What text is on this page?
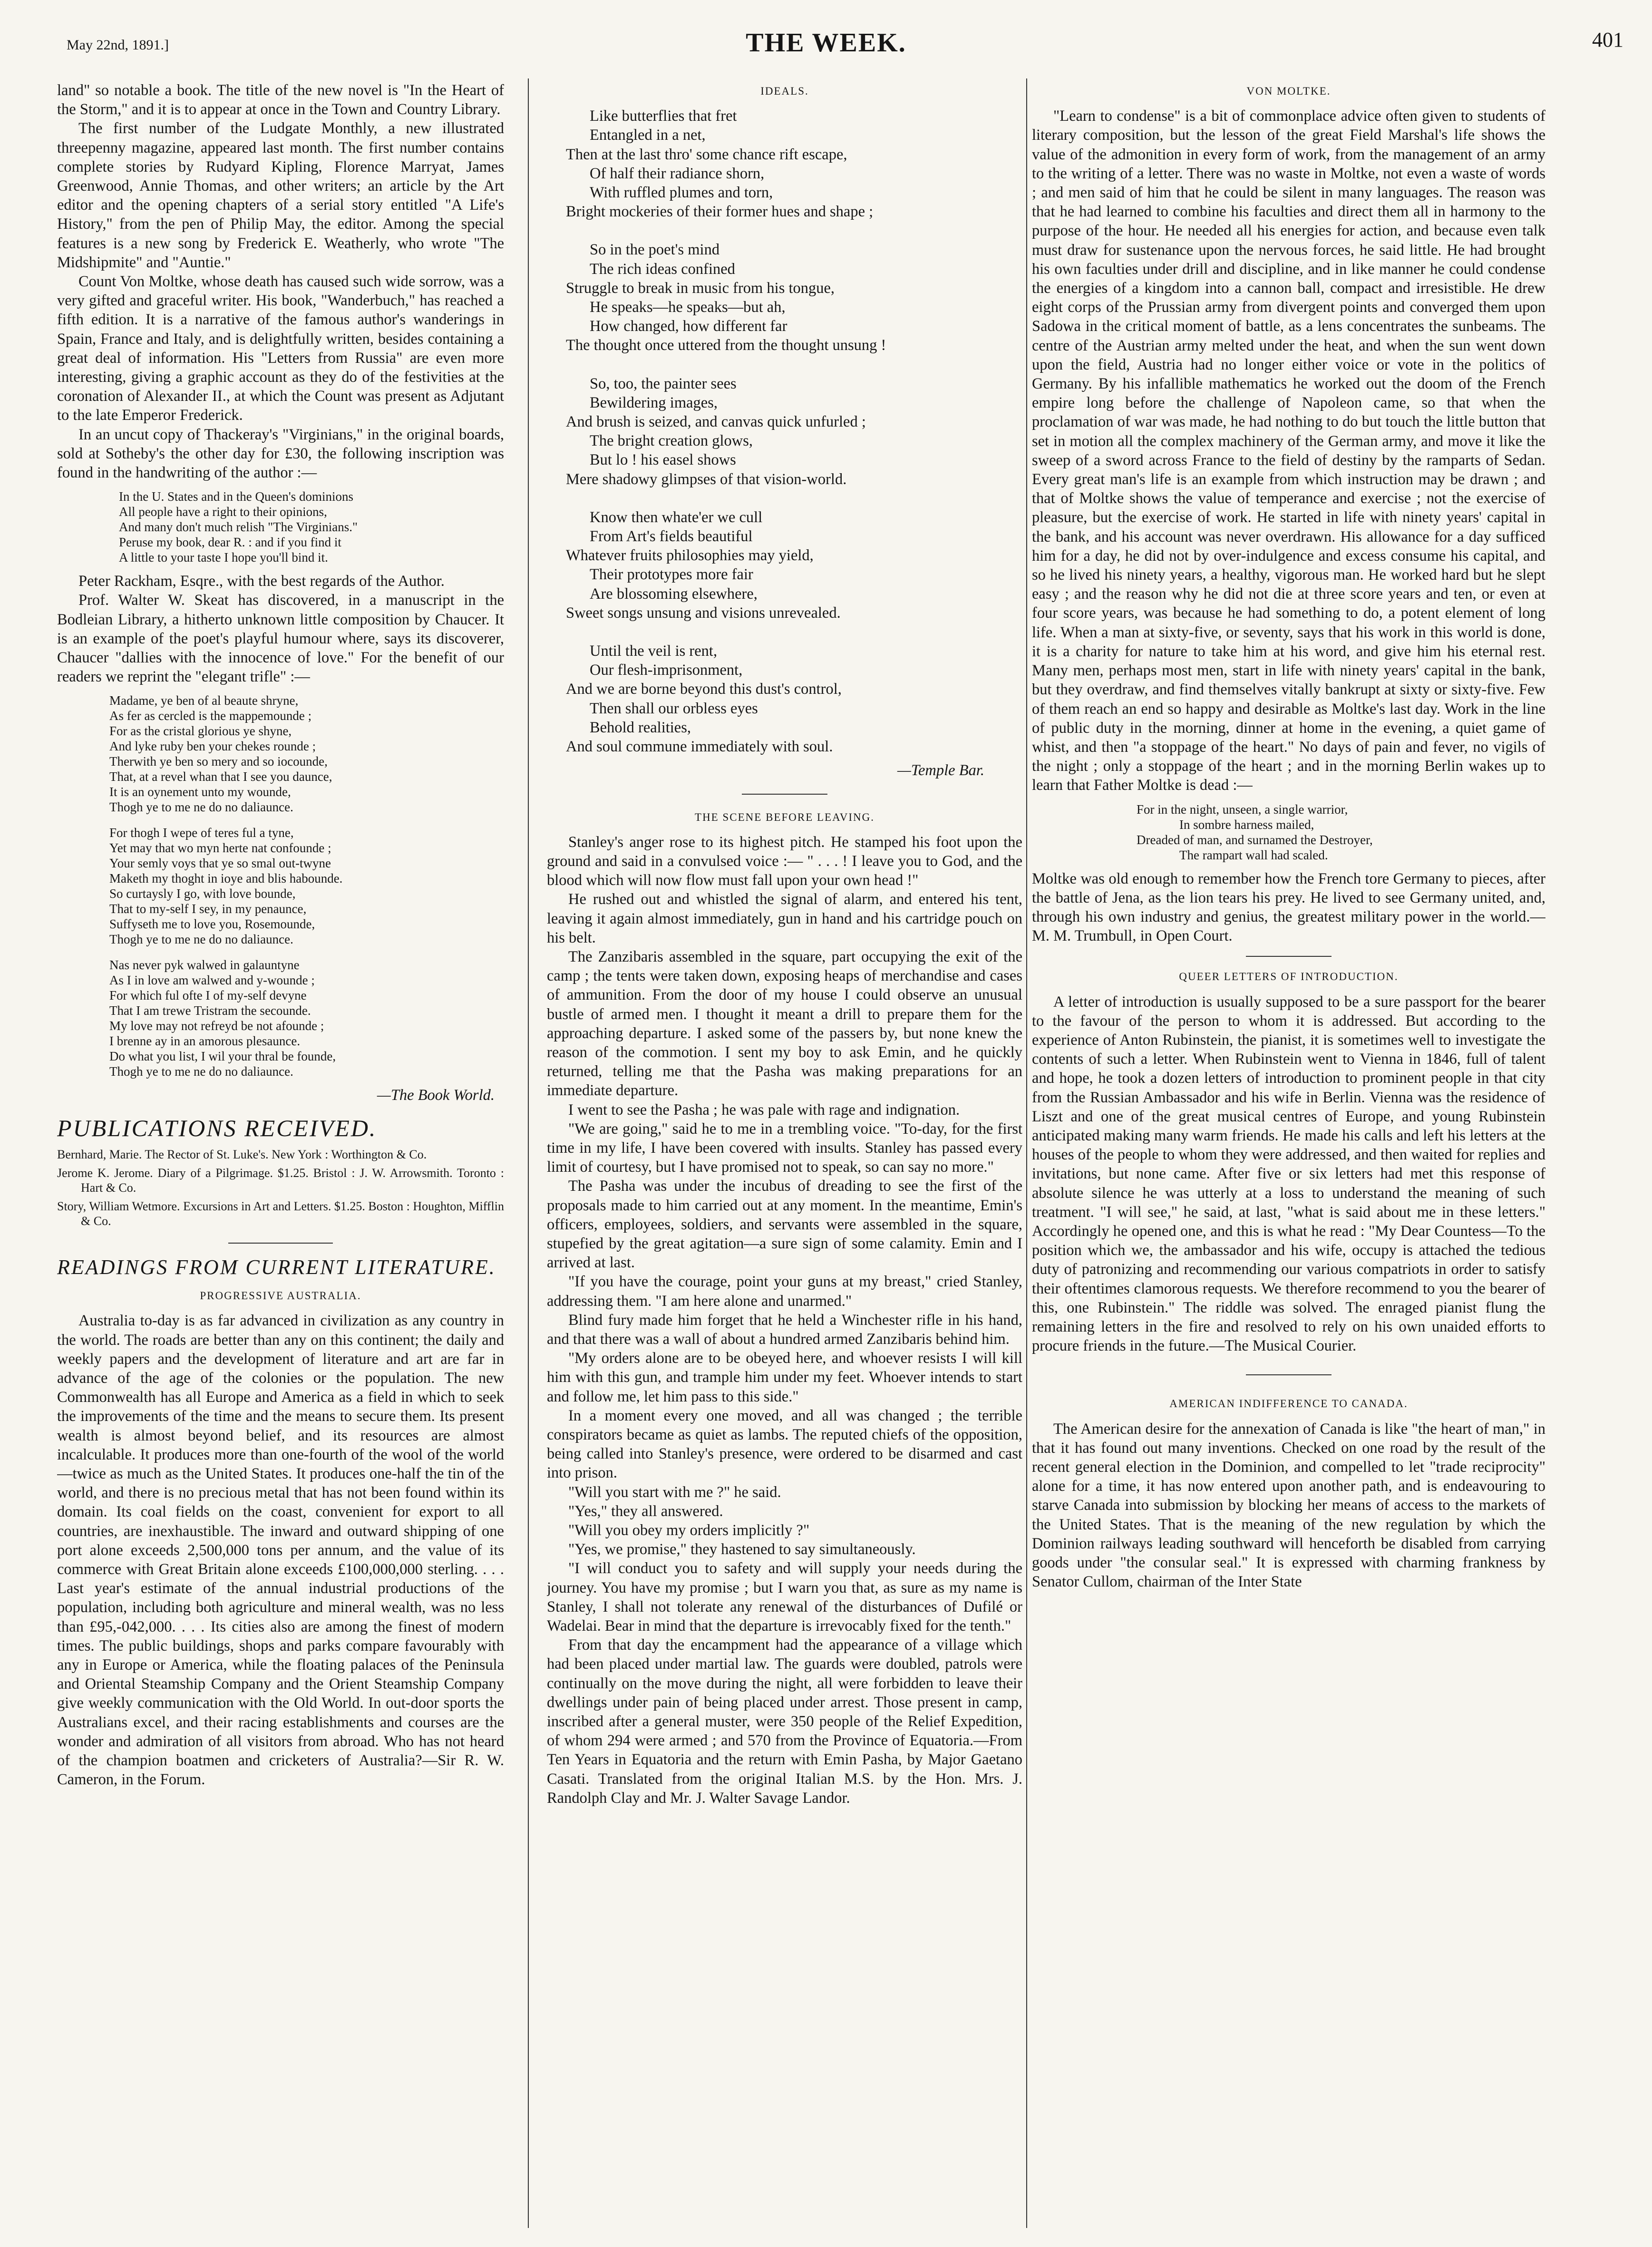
May 22nd, 1891.]	THE WEEK.	401

land" so notable a book. The title of the new novel is "In the Heart of the Storm," and it is to appear at once in the Town and Country Library.

The first number of the Ludgate Monthly, a new illustrated threepenny magazine, appeared last month. The first number contains complete stories by Rudyard Kipling, Florence Marryat, James Greenwood, Annie Thomas, and other writers; an article by the Art editor and the opening chapters of a serial story entitled "A Life's History," from the pen of Philip May, the editor. Among the special features is a new song by Frederick E. Weatherly, who wrote "The Midshipmite" and "Auntie."

Count Von Moltke, whose death has caused such wide sorrow, was a very gifted and graceful writer. His book, "Wanderbuch," has reached a fifth edition. It is a narrative of the famous author's wanderings in Spain, France and Italy, and is delightfully written, besides containing a great deal of information. His "Letters from Russia" are even more interesting, giving a graphic account as they do of the festivities at the coronation of Alexander II., at which the Count was present as Adjutant to the late Emperor Frederick.

In an uncut copy of Thackeray's "Virginians," in the original boards, sold at Sotheby's the other day for £30, the following inscription was found in the handwriting of the author :—

In the U. States and in the Queen's dominions
All people have a right to their opinions,
And many don't much relish "The Virginians."
Peruse my book, dear R. : and if you find it
A little to your taste I hope you'll bind it.

Peter Rackham, Esqre., with the best regards of the Author.

Prof. Walter W. Skeat has discovered, in a manuscript in the Bodleian Library, a hitherto unknown little composition by Chaucer. It is an example of the poet's playful humour where, says its discoverer, Chaucer "dallies with the innocence of love." For the benefit of our readers we reprint the "elegant trifle" :—

Madame, ye ben of al beaute shryne,
As fer as cercled is the mappemounde ;
For as the cristal glorious ye shyne,
And lyke ruby ben your chekes rounde ;
Therwith ye ben so mery and so iocounde,
That, at a revel whan that I see you daunce,
It is an oynement unto my wounde,
Thogh ye to me ne do no daliaunce.
For thogh I wepe of teres ful a tyne,
Yet may that wo myn herte nat confounde ;
Your semly voys that ye so smal out-twyne
Maketh my thoght in ioye and blis habounde.
So curtaysly I go, with love bounde,
That to my-self I sey, in my penaunce,
Suffyseth me to love you, Rosemounde,
Thogh ye to me ne do no daliaunce.
Nas never pyk walwed in galauntyne
As I in love am walwed and y-wounde ;
For which ful ofte I of my-self devyne
That I am trewe Tristram the secounde.
My love may not refreyd be not afounde ;
I brenne ay in an amorous plesaunce.
Do what you list, I wil your thral be founde,
Thogh ye to me ne do no daliaunce.
—The Book World.
PUBLICATIONS RECEIVED.
Bernhard, Marie. The Rector of St. Luke's. New York : Worthington & Co.
Jerome K. Jerome. Diary of a Pilgrimage. $1.25. Bristol : J. W. Arrowsmith. Toronto : Hart & Co.
Story, William Wetmore. Excursions in Art and Letters. $1.25. Boston : Houghton, Mifflin & Co.
READINGS FROM CURRENT LITERATURE.
PROGRESSIVE AUSTRALIA.

Australia to-day is as far advanced in civilization as any country in the world. The roads are better than any on this continent; the daily and weekly papers and the development of literature and art are far in advance of the age of the colonies or the population. The new Commonwealth has all Europe and America as a field in which to seek the improvements of the time and the means to secure them. Its present wealth is almost beyond belief, and its resources are almost incalculable. It produces more than one-fourth of the wool of the world—twice as much as the United States. It produces one-half the tin of the world, and there is no precious metal that has not been found within its domain. Its coal fields on the coast, convenient for export to all countries, are inexhaustible. The inward and outward shipping of one port alone exceeds 2,500,000 tons per annum, and the value of its commerce with Great Britain alone exceeds £100,000,000 sterling. . . . Last year's estimate of the annual industrial productions of the population, including both agriculture and mineral wealth, was no less than £95,-042,000. . . . Its cities also are among the finest of modern times. The public buildings, shops and parks compare favourably with any in Europe or America, while the floating palaces of the Peninsula and Oriental Steamship Company and the Orient Steamship Company give weekly communication with the Old World. In out-door sports the Australians excel, and their racing establishments and courses are the wonder and admiration of all visitors from abroad. Who has not heard of the champion boatmen and cricketers of Australia?—Sir R. W. Cameron, in the Forum.

IDEALS.
Like butterflies that fret
Entangled in a net,
Then at the last thro' some chance rift escape,
Of half their radiance shorn,
With ruffled plumes and torn,
Bright mockeries of their former hues and shape ;
So in the poet's mind
The rich ideas confined
Struggle to break in music from his tongue,
He speaks—he speaks—but ah,
How changed, how different far
The thought once uttered from the thought unsung !
So, too, the painter sees
Bewildering images,
And brush is seized, and canvas quick unfurled ;
The bright creation glows,
But lo ! his easel shows
Mere shadowy glimpses of that vision-world.
Know then whate'er we cull
From Art's fields beautiful
Whatever fruits philosophies may yield,
Their prototypes more fair
Are blossoming elsewhere,
Sweet songs unsung and visions unrevealed.
Until the veil is rent,
Our flesh-imprisonment,
And we are borne beyond this dust's control,
Then shall our orbless eyes
Behold realities,
And soul commune immediately with soul.
—Temple Bar.
THE SCENE BEFORE LEAVING.

Stanley's anger rose to its highest pitch. He stamped his foot upon the ground and said in a convulsed voice :— " . . . ! I leave you to God, and the blood which will now flow must fall upon your own head !"

He rushed out and whistled the signal of alarm, and entered his tent, leaving it again almost immediately, gun in hand and his cartridge pouch on his belt.

The Zanzibaris assembled in the square, part occupying the exit of the camp ; the tents were taken down, exposing heaps of merchandise and cases of ammunition. From the door of my house I could observe an unusual bustle of armed men. I thought it meant a drill to prepare them for the approaching departure. I asked some of the passers by, but none knew the reason of the commotion. I sent my boy to ask Emin, and he quickly returned, telling me that the Pasha was making preparations for an immediate departure.

I went to see the Pasha ; he was pale with rage and indignation.

"We are going," said he to me in a trembling voice. "To-day, for the first time in my life, I have been covered with insults. Stanley has passed every limit of courtesy, but I have promised not to speak, so can say no more."

The Pasha was under the incubus of dreading to see the first of the proposals made to him carried out at any moment. In the meantime, Emin's officers, employees, soldiers, and servants were assembled in the square, stupefied by the great agitation—a sure sign of some calamity. Emin and I arrived at last.

"If you have the courage, point your guns at my breast," cried Stanley, addressing them. "I am here alone and unarmed."

Blind fury made him forget that he held a Winchester rifle in his hand, and that there was a wall of about a hundred armed Zanzibaris behind him.

"My orders alone are to be obeyed here, and whoever resists I will kill him with this gun, and trample him under my feet. Whoever intends to start and follow me, let him pass to this side."

In a moment every one moved, and all was changed ; the terrible conspirators became as quiet as lambs. The reputed chiefs of the opposition, being called into Stanley's presence, were ordered to be disarmed and cast into prison.

"Will you start with me ?" he said.

"Yes," they all answered.

"Will you obey my orders implicitly ?"

"Yes, we promise," they hastened to say simultaneously.

"I will conduct you to safety and will supply your needs during the journey. You have my promise ; but I warn you that, as sure as my name is Stanley, I shall not tolerate any renewal of the disturbances of Dufilé or Wadelai. Bear in mind that the departure is irrevocably fixed for the tenth."

From that day the encampment had the appearance of a village which had been placed under martial law. The guards were doubled, patrols were continually on the move during the night, all were forbidden to leave their dwellings under pain of being placed under arrest. Those present in camp, inscribed after a general muster, were 350 people of the Relief Expedition, of whom 294 were armed ; and 570 from the Province of Equatoria.—From Ten Years in Equatoria and the return with Emin Pasha, by Major Gaetano Casati. Translated from the original Italian M.S. by the Hon. Mrs. J. Randolph Clay and Mr. J. Walter Savage Landor.

VON MOLTKE.

"Learn to condense" is a bit of commonplace advice often given to students of literary composition, but the lesson of the great Field Marshal's life shows the value of the admonition in every form of work, from the management of an army to the writing of a letter. There was no waste in Moltke, not even a waste of words ; and men said of him that he could be silent in many languages. The reason was that he had learned to combine his faculties and direct them all in harmony to the purpose of the hour. He needed all his energies for action, and because even talk must draw for sustenance upon the nervous forces, he said little. He had brought his own faculties under drill and discipline, and in like manner he could condense the energies of a kingdom into a cannon ball, compact and irresistible. He drew eight corps of the Prussian army from divergent points and converged them upon Sadowa in the critical moment of battle, as a lens concentrates the sunbeams. The centre of the Austrian army melted under the heat, and when the sun went down upon the field, Austria had no longer either voice or vote in the politics of Germany. By his infallible mathematics he worked out the doom of the French empire long before the challenge of Napoleon came, so that when the proclamation of war was made, he had nothing to do but touch the little button that set in motion all the complex machinery of the German army, and move it like the sweep of a sword across France to the field of destiny by the ramparts of Sedan. Every great man's life is an example from which instruction may be drawn ; and that of Moltke shows the value of temperance and exercise ; not the exercise of pleasure, but the exercise of work. He started in life with ninety years' capital in the bank, and his account was never overdrawn. His allowance for a day sufficed him for a day, he did not by over-indulgence and excess consume his capital, and so he lived his ninety years, a healthy, vigorous man. He worked hard but he slept easy ; and the reason why he did not die at three score years and ten, or even at four score years, was because he had something to do, a potent element of long life. When a man at sixty-five, or seventy, says that his work in this world is done, it is a charity for nature to take him at his word, and give him his eternal rest. Many men, perhaps most men, start in life with ninety years' capital in the bank, but they overdraw, and find themselves vitally bankrupt at sixty or sixty-five. Few of them reach an end so happy and desirable as Moltke's last day. Work in the line of public duty in the morning, dinner at home in the evening, a quiet game of whist, and then "a stoppage of the heart." No days of pain and fever, no vigils of the night ; only a stoppage of the heart ; and in the morning Berlin wakes up to learn that Father Moltke is dead :—

For in the night, unseen, a single warrior,
In sombre harness mailed,
Dreaded of man, and surnamed the Destroyer,
The rampart wall had scaled.

Moltke was old enough to remember how the French tore Germany to pieces, after the battle of Jena, as the lion tears his prey. He lived to see Germany united, and, through his own industry and genius, the greatest military power in the world.—M. M. Trumbull, in Open Court.

QUEER LETTERS OF INTRODUCTION.

A letter of introduction is usually supposed to be a sure passport for the bearer to the favour of the person to whom it is addressed. But according to the experience of Anton Rubinstein, the pianist, it is sometimes well to investigate the contents of such a letter. When Rubinstein went to Vienna in 1846, full of talent and hope, he took a dozen letters of introduction to prominent people in that city from the Russian Ambassador and his wife in Berlin. Vienna was the residence of Liszt and one of the great musical centres of Europe, and young Rubinstein anticipated making many warm friends. He made his calls and left his letters at the houses of the people to whom they were addressed, and then waited for replies and invitations, but none came. After five or six letters had met this response of absolute silence he was utterly at a loss to understand the meaning of such treatment. "I will see," he said, at last, "what is said about me in these letters." Accordingly he opened one, and this is what he read : "My Dear Countess—To the position which we, the ambassador and his wife, occupy is attached the tedious duty of patronizing and recommending our various compatriots in order to satisfy their oftentimes clamorous requests. We therefore recommend to you the bearer of this, one Rubinstein." The riddle was solved. The enraged pianist flung the remaining letters in the fire and resolved to rely on his own unaided efforts to procure friends in the future.—The Musical Courier.

AMERICAN INDIFFERENCE TO CANADA.

The American desire for the annexation of Canada is like "the heart of man," in that it has found out many inventions. Checked on one road by the result of the recent general election in the Dominion, and compelled to let "trade reciprocity" alone for a time, it has now entered upon another path, and is endeavouring to starve Canada into submission by blocking her means of access to the markets of the United States. That is the meaning of the new regulation by which the Dominion railways leading southward will henceforth be disabled from carrying goods under "the consular seal." It is expressed with charming frankness by Senator Cullom, chairman of the Inter State
